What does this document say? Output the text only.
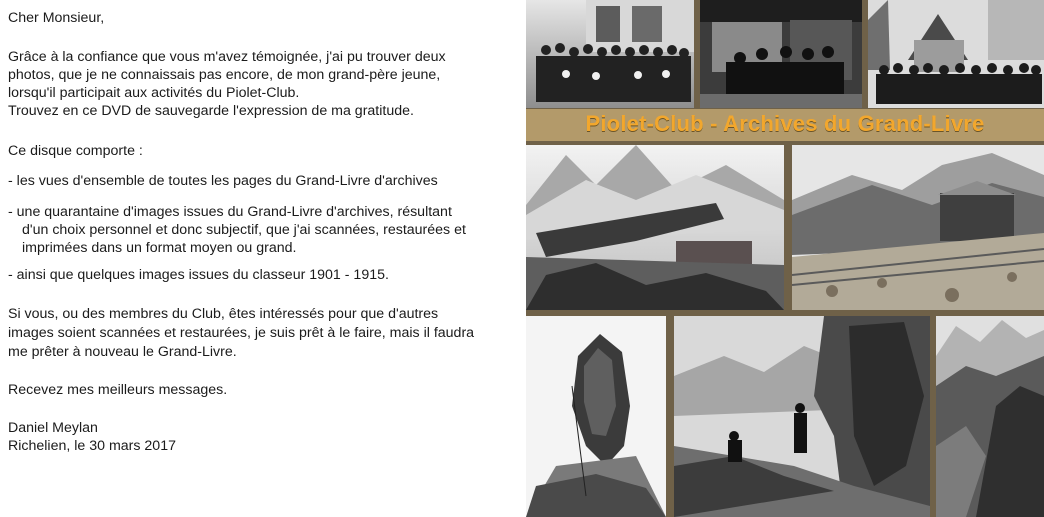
Cher Monsieur,
Grâce à la confiance que vous m'avez témoignée, j'ai pu trouver deux
photos, que je ne connaissais pas encore, de mon grand-père jeune,
lorsqu'il participait aux activités du Piolet-Club.
Trouvez en ce DVD de sauvegarde l'expression de ma gratitude.
Ce disque comporte :
- les vues d'ensemble de toutes les pages du Grand-Livre d'archives
- une quarantaine d'images issues du Grand-Livre d'archives, résultant
d'un choix personnel et donc subjectif, que j'ai scannées, restaurées et
imprimées dans un format moyen ou grand.
- ainsi que quelques images issues du classeur 1901 - 1915.
Si vous, ou des membres du Club, êtes intéressés pour que d'autres
images soient scannées et restaurées, je suis prêt à le faire, mais il faudra
me prêter à nouveau le Grand-Livre.
Recevez mes meilleurs messages.
Daniel Meylan
Richelien, le 30 mars 2017
Piolet-Club - Archives du Grand-Livre
